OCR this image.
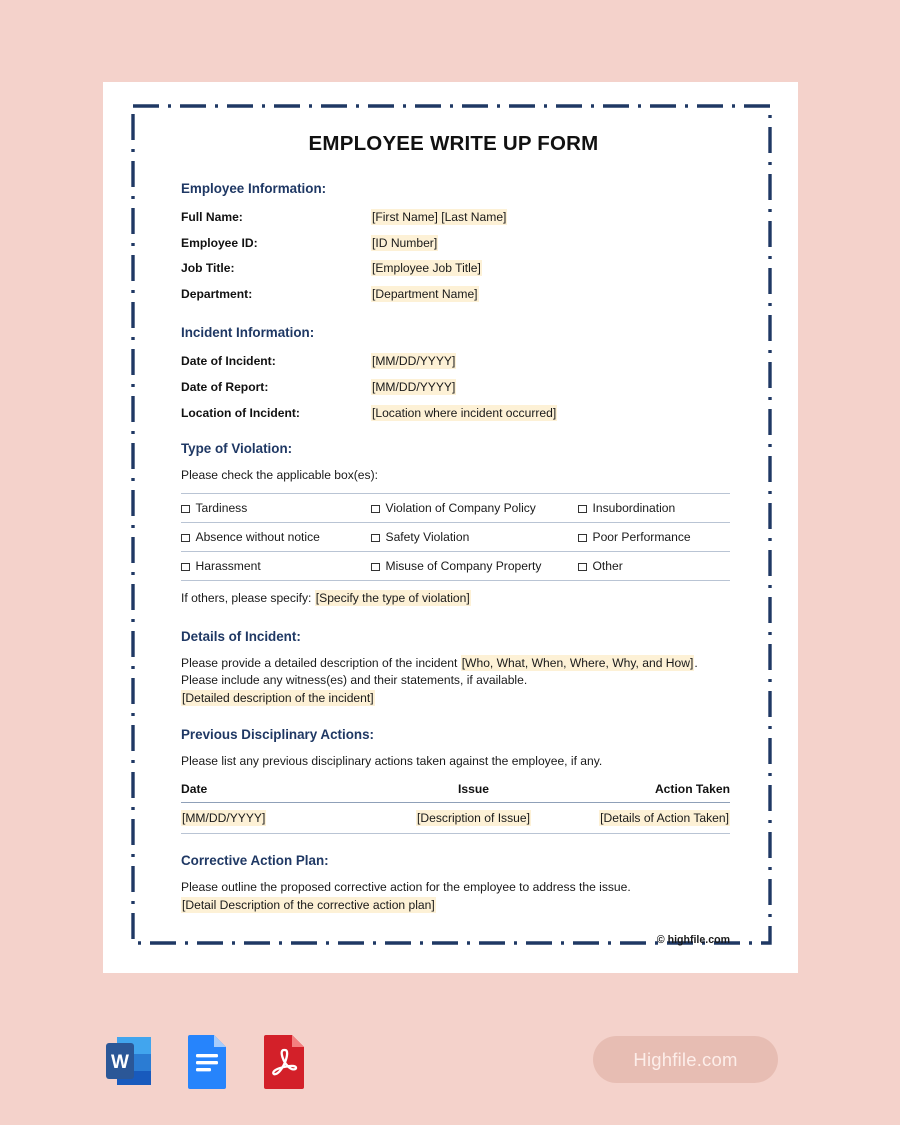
EMPLOYEE WRITE UP FORM
Employee Information:
Full Name:	[First Name] [Last Name]
Employee ID:	[ID Number]
Job Title:	[Employee Job Title]
Department:	[Department Name]
Incident Information:
Date of Incident:	[MM/DD/YYYY]
Date of Report:	[MM/DD/YYYY]
Location of Incident:	[Location where incident occurred]
Type of Violation:
Please check the applicable box(es):
Tardiness	Violation of Company Policy	Insubordination
Absence without notice	Safety Violation	Poor Performance
Harassment	Misuse of Company Property	Other
If others, please specify: [Specify the type of violation]
Details of Incident:
Please provide a detailed description of the incident [Who, What, When, Where, Why, and How].
Please include any witness(es) and their statements, if available.
[Detailed description of the incident]
Previous Disciplinary Actions:
Please list any previous disciplinary actions taken against the employee, if any.
Date	Issue	Action Taken
[MM/DD/YYYY]	[Description of Issue]	[Details of Action Taken]
Corrective Action Plan:
Please outline the proposed corrective action for the employee to address the issue.
[Detail Description of the corrective action plan]
© highfile.com
W	Highfile.com
